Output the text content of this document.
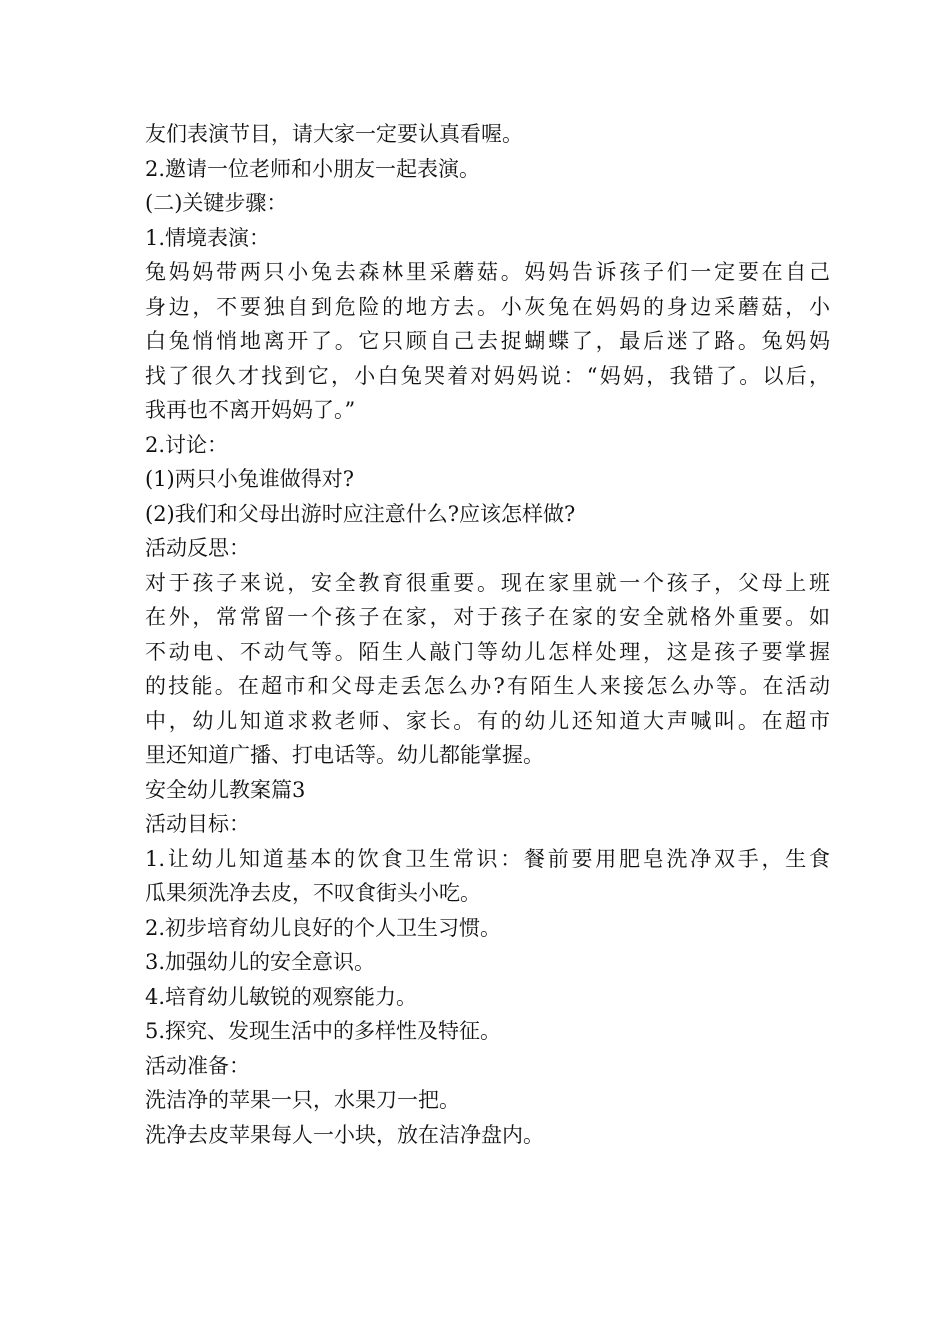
友们表演节目，请大家一定要认真看喔。
2.邀请一位老师和小朋友一起表演。
(二)关键步骤：
1.情境表演：
兔妈妈带两只小兔去森林里采蘑菇。妈妈告诉孩子们一定要在自己
身边，不要独自到危险的地方去。小灰兔在妈妈的身边采蘑菇，小
白兔悄悄地离开了。它只顾自己去捉蝴蝶了，最后迷了路。兔妈妈
找了很久才找到它，小白兔哭着对妈妈说：“妈妈，我错了。以后，
我再也不离开妈妈了。”
2.讨论：
(1)两只小兔谁做得对?
(2)我们和父母出游时应注意什么?应该怎样做?
活动反思：
对于孩子来说，安全教育很重要。现在家里就一个孩子，父母上班
在外，常常留一个孩子在家，对于孩子在家的安全就格外重要。如
不动电、不动气等。陌生人敲门等幼儿怎样处理，这是孩子要掌握
的技能。在超市和父母走丢怎么办?有陌生人来接怎么办等。在活动
中，幼儿知道求救老师、家长。有的幼儿还知道大声喊叫。在超市
里还知道广播、打电话等。幼儿都能掌握。
安全幼儿教案篇3
活动目标：
1.让幼儿知道基本的饮食卫生常识：餐前要用肥皂洗净双手，生食
瓜果须洗净去皮，不叹食街头小吃。
2.初步培育幼儿良好的个人卫生习惯。
3.加强幼儿的安全意识。
4.培育幼儿敏锐的观察能力。
5.探究、发现生活中的多样性及特征。
活动准备：
洗洁净的苹果一只，水果刀一把。
洗净去皮苹果每人一小块，放在洁净盘内。
